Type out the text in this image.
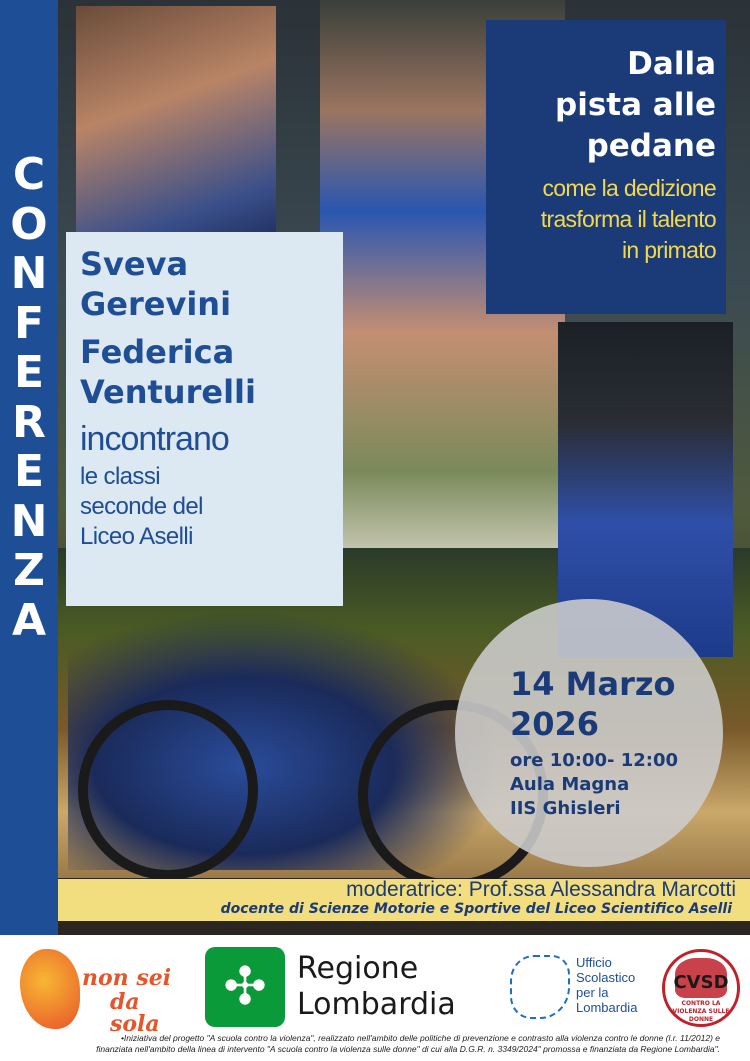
C
O
N
F
E
R
E
N
Z
A
Dalla
pista alle
pedane
come la dedizione
trasforma il talento
in primato
Sveva
Gerevini
Federica
Venturelli
incontrano
le classi
seconde del
Liceo Aselli
14 Marzo
2026
ore 10:00- 12:00
Aula Magna
IIS Ghisleri
moderatrice: Prof.ssa Alessandra Marcotti
docente di Scienze Motorie e Sportive del Liceo Scientifico Aselli
non sei
da sola
✣ Regione
Lombardia
Ufficio
Scolastico
per la
Lombardia
CVSD
CONTRO LA VIOLENZA SULLE DONNE
•Iniziativa del progetto "A scuola contro la violenza", realizzato nell'ambito delle politiche di prevenzione e contrasto alla violenza contro le donne (l.r. 11/2012) e
finanziata nell'ambito della linea di intervento "A scuola contro la violenza sulle donne" di cui alla D.G.R. n. 3349/2024" promossa e finanziata da Regione Lombardia".
